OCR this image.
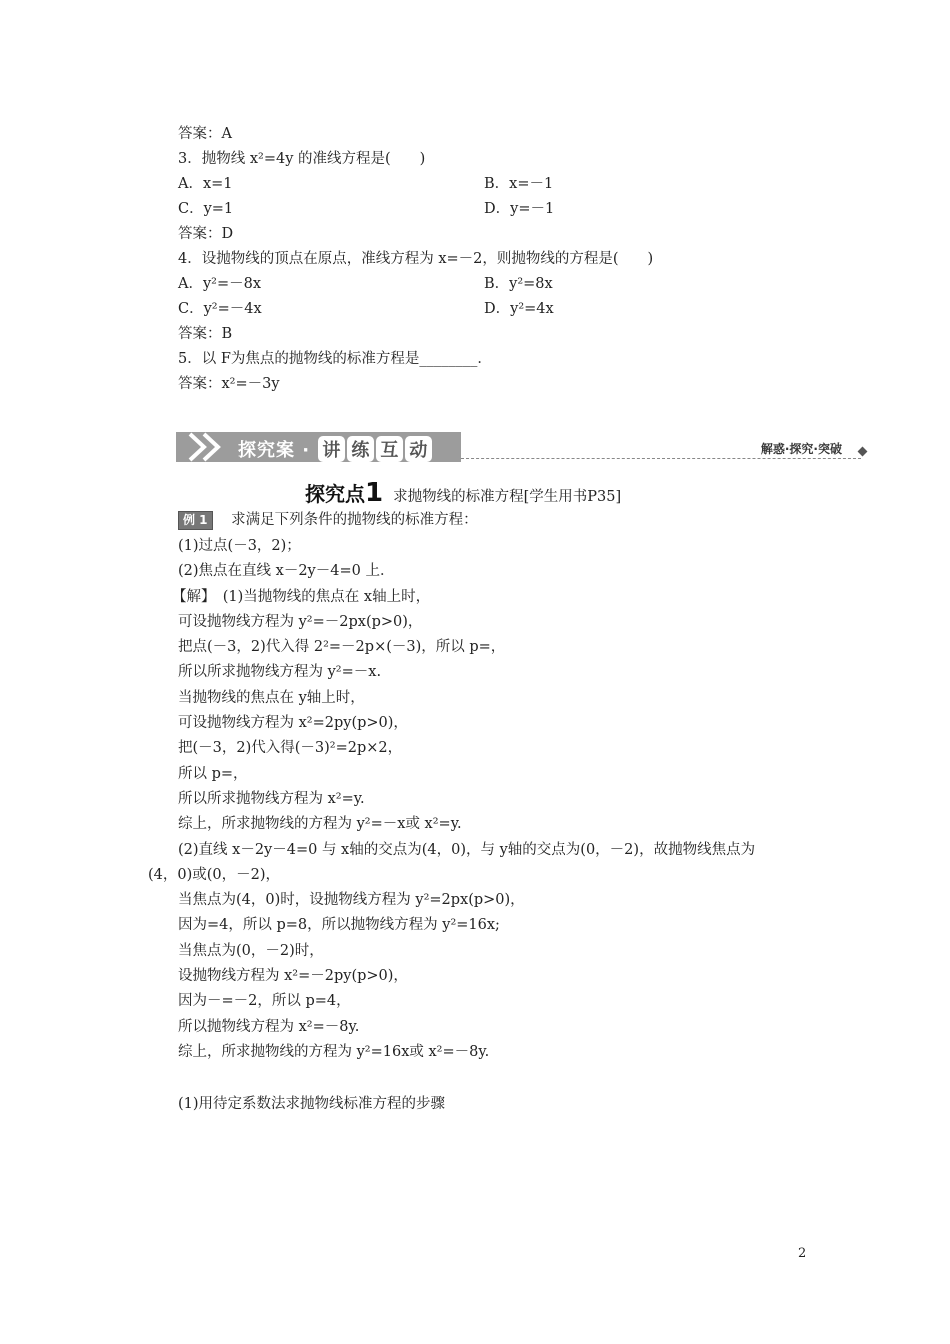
答案：A
3．抛物线 x²=4y 的准线方程是(　　)
A．x=1	B．x=－1
C．y=1	D．y=－1
答案：D
4．设抛物线的顶点在原点，准线方程为 x=－2，则抛物线的方程是(　　)
A．y²=－8x	B．y²=8x
C．y²=－4x	D．y²=4x
答案：B
5．以 F为焦点的抛物线的标准方程是________．
答案：x²=－3y
探究案 · 讲 练 互 动	解惑·探究·突破
探究点1 求抛物线的标准方程[学生用书P35]
例 1 求满足下列条件的抛物线的标准方程：
(1)过点(－3，2)；
(2)焦点在直线 x－2y－4=0 上．
【解】　(1)当抛物线的焦点在 x轴上时，
可设抛物线方程为 y²=－2px(p>0)，
把点(－3，2)代入得 2²=－2p×(－3)，所以 p=，
所以所求抛物线方程为 y²=－x.
当抛物线的焦点在 y轴上时，
可设抛物线方程为 x²=2py(p>0)，
把(－3，2)代入得(－3)²=2p×2，
所以 p=，
所以所求抛物线方程为 x²=y.
综上，所求抛物线的方程为 y²=－x或 x²=y.
(2)直线 x－2y－4=0 与 x轴的交点为(4，0)，与 y轴的交点为(0，－2)，故抛物线焦点为
(4，0)或(0，－2)，
当焦点为(4，0)时，设抛物线方程为 y²=2px(p>0)，
因为=4，所以 p=8，所以抛物线方程为 y²=16x;
当焦点为(0，－2)时，
设抛物线方程为 x²=－2py(p>0)，
因为－=－2，所以 p=4，
所以抛物线方程为 x²=－8y.
综上，所求抛物线的方程为 y²=16x或 x²=－8y.
(1)用待定系数法求抛物线标准方程的步骤
2
